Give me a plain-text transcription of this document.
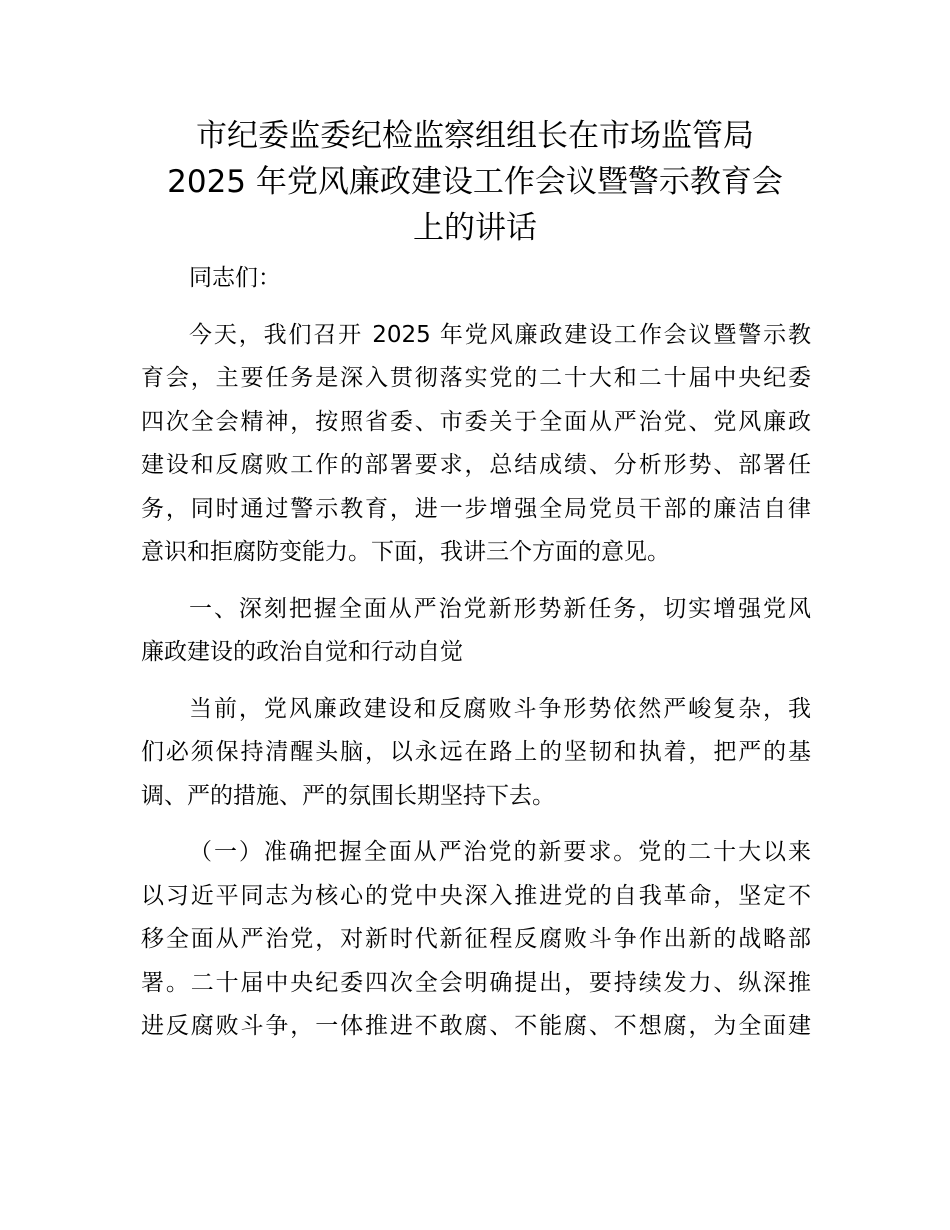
市纪委监委纪检监察组组长在市场监管局
2025 年党风廉政建设工作会议暨警示教育会
上的讲话

同志们：

今天，我们召开 2025 年党风廉政建设工作会议暨警示教
育会，主要任务是深入贯彻落实党的二十大和二十届中央纪委
四次全会精神，按照省委、市委关于全面从严治党、党风廉政
建设和反腐败工作的部署要求，总结成绩、分析形势、部署任
务，同时通过警示教育，进一步增强全局党员干部的廉洁自律
意识和拒腐防变能力。下面，我讲三个方面的意见。

一、深刻把握全面从严治党新形势新任务，切实增强党风
廉政建设的政治自觉和行动自觉

当前，党风廉政建设和反腐败斗争形势依然严峻复杂，我
们必须保持清醒头脑，以永远在路上的坚韧和执着，把严的基
调、严的措施、严的氛围长期坚持下去。

（一）准确把握全面从严治党的新要求。党的二十大以来
以习近平同志为核心的党中央深入推进党的自我革命，坚定不
移全面从严治党，对新时代新征程反腐败斗争作出新的战略部
署。二十届中央纪委四次全会明确提出，要持续发力、纵深推
进反腐败斗争，一体推进不敢腐、不能腐、不想腐，为全面建
